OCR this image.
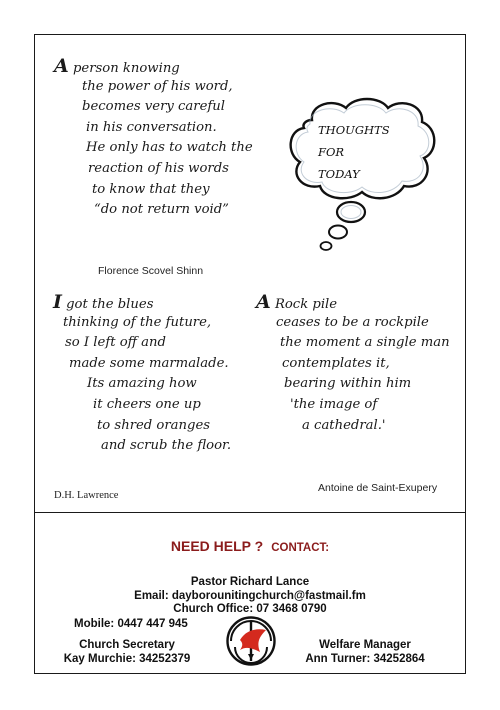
A person knowing
the power of his word,
becomes very careful
in his conversation.
He only has to watch the
reaction of his words
to know that they
“do not return void”
Florence Scovel Shinn
THOUGHTS
FOR
TODAY
I got the blues
thinking of the future,
so I left off and
made some marmalade.
Its amazing how
it cheers one up
to shred oranges
and scrub the floor.
D.H. Lawrence
A Rock pile
ceases to be a rockpile
the moment a single man
contemplates it,
bearing within him
'the image of
a cathedral.'
Antoine de Saint-Exupery
NEED HELP ? CONTACT:
Pastor Richard Lance
Email: dayborounitingchurch@fastmail.fm
Church Office: 07 3468 0790
Mobile: 0447 447 945
Church Secretary
Kay Murchie: 34252379
Welfare Manager
Ann Turner: 34252864
